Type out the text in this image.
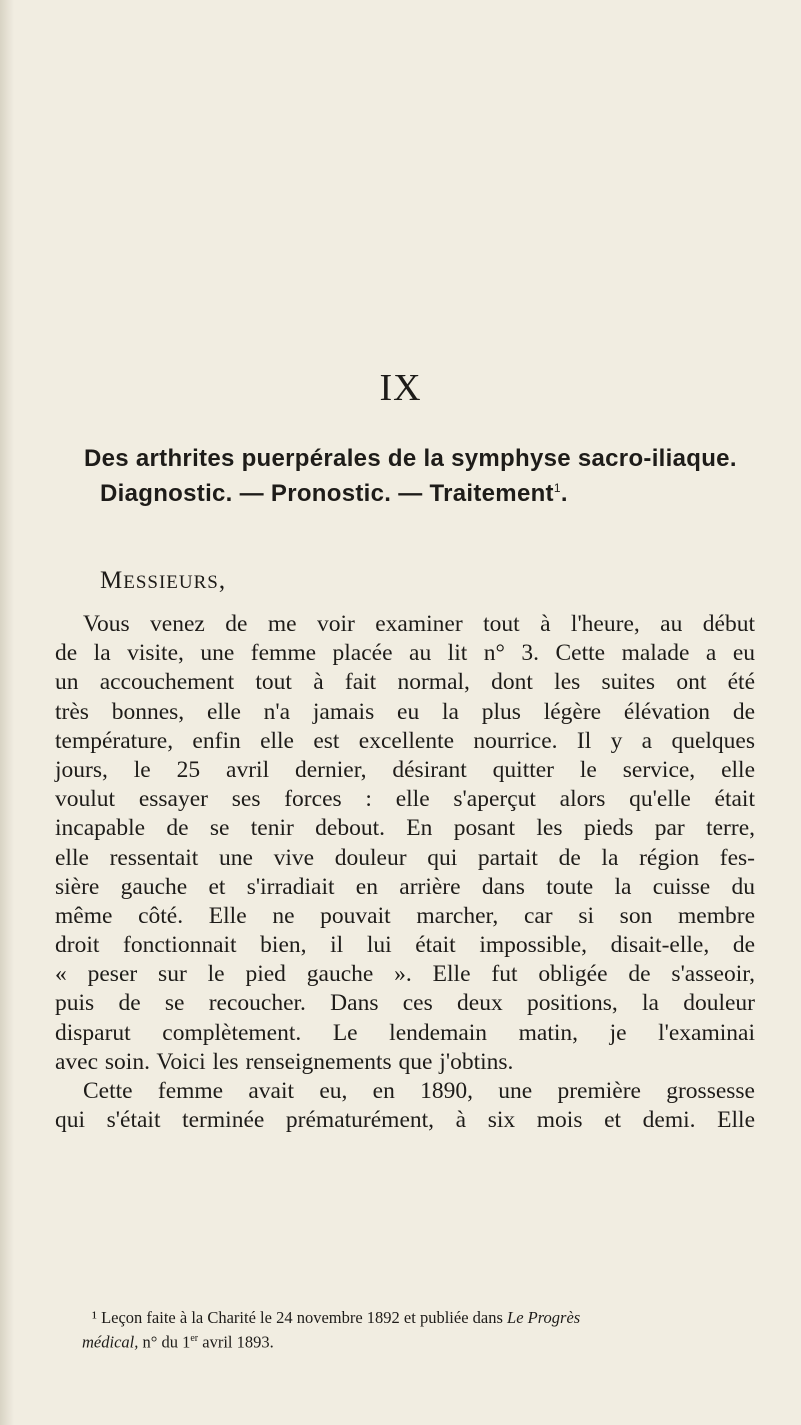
IX
Des arthrites puerpérales de la symphyse sacro-iliaque.
Diagnostic. — Pronostic. — Traitement$^1$.
MESSIEURS,
Vous venez de me voir examiner tout à l'heure, au début
de la visite, une femme placée au lit n° 3. Cette malade a eu
un accouchement tout à fait normal, dont les suites ont été
très bonnes, elle n'a jamais eu la plus légère élévation de
température, enfin elle est excellente nourrice. Il y a quelques
jours, le 25 avril dernier, désirant quitter le service, elle
voulut essayer ses forces : elle s'aperçut alors qu'elle était
incapable de se tenir debout. En posant les pieds par terre,
elle ressentait une vive douleur qui partait de la région fes-
sière gauche et s'irradiait en arrière dans toute la cuisse du
même côté. Elle ne pouvait marcher, car si son membre
droit fonctionnait bien, il lui était impossible, disait-elle, de
« peser sur le pied gauche ». Elle fut obligée de s'asseoir,
puis de se recoucher. Dans ces deux positions, la douleur
disparut complètement. Le lendemain matin, je l'examinai
avec soin. Voici les renseignements que j'obtins.
Cette femme avait eu, en 1890, une première grossesse
qui s'était terminée prématurément, à six mois et demi. Elle
¹ Leçon faite à la Charité le 24 novembre 1892 et publiée dans Le Progrès
médical, n° du 1er avril 1893.
